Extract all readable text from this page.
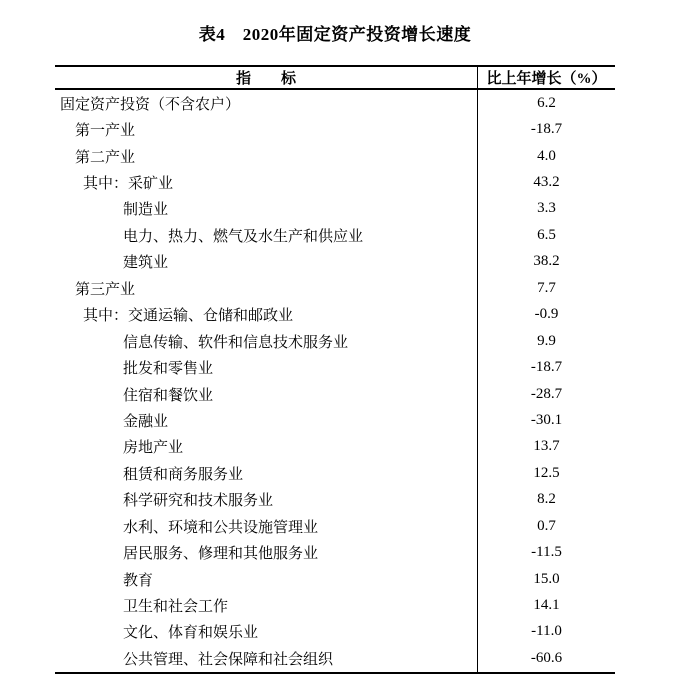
表4　2020年固定资产投资增长速度
指　　标	比上年增长（%）
固定资产投资（不含农户）	6.2
第一产业	-18.7
第二产业	4.0
其中：采矿业	43.2
制造业	3.3
电力、热力、燃气及水生产和供应业	6.5
建筑业	38.2
第三产业	7.7
其中：交通运输、仓储和邮政业	-0.9
信息传输、软件和信息技术服务业	9.9
批发和零售业	-18.7
住宿和餐饮业	-28.7
金融业	-30.1
房地产业	13.7
租赁和商务服务业	12.5
科学研究和技术服务业	8.2
水利、环境和公共设施管理业	0.7
居民服务、修理和其他服务业	-11.5
教育	15.0
卫生和社会工作	14.1
文化、体育和娱乐业	-11.0
公共管理、社会保障和社会组织	-60.6
